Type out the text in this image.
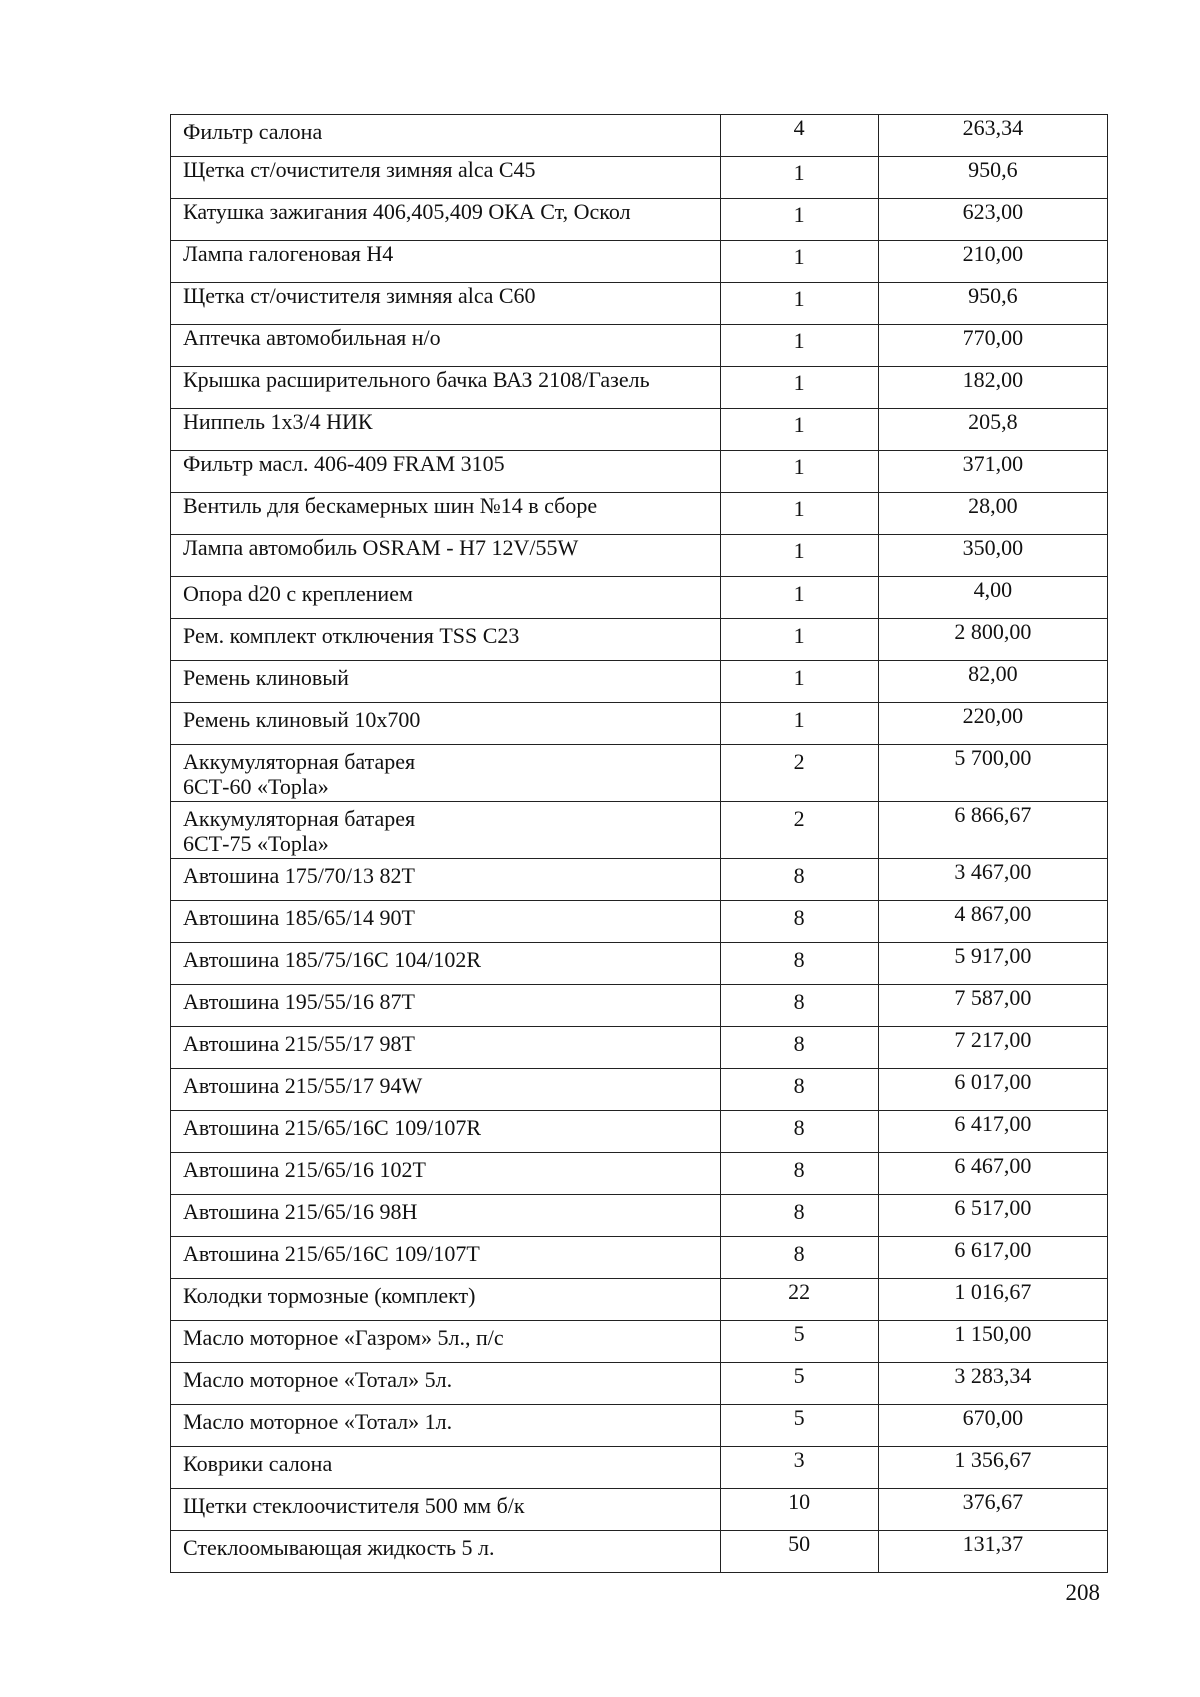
Фильтр салона	4	263,34

Щетка ст/очистителя зимняя alca C45	1	950,6

Катушка зажигания 406,405,409 ОКА Ст, Оскол	1	623,00

Лампа галогеновая Н4	1	210,00

Щетка ст/очистителя зимняя alca C60	1	950,6

Аптечка автомобильная н/о	1	770,00

Крышка расширительного бачка ВАЗ 2108/Газель	1	182,00

Ниппель 1х3/4 НИК	1	205,8

Фильтр масл. 406-409 FRAM 3105	1	371,00

Вентиль для бескамерных шин №14 в сборе	1	28,00

Лампа автомобиль OSRAM - Н7 12V/55W	1	350,00

Опора d20 с креплением	1	4,00

Рем. комплект отключения TSS C23	1	2 800,00

Ремень клиновый	1	82,00

Ремень клиновый 10х700	1	220,00

Аккумуляторная батарея
6СТ-60 «Topla»	2	5 700,00

Аккумуляторная батарея
6СТ-75 «Topla»	2	6 866,67

Автошина 175/70/13 82T	8	3 467,00

Автошина 185/65/14 90T	8	4 867,00

Автошина 185/75/16С 104/102R	8	5 917,00

Автошина 195/55/16 87T	8	7 587,00

Автошина 215/55/17 98T	8	7 217,00

Автошина 215/55/17 94W	8	6 017,00

Автошина 215/65/16С 109/107R	8	6 417,00

Автошина 215/65/16 102T	8	6 467,00

Автошина 215/65/16 98H	8	6 517,00

Автошина 215/65/16С 109/107T	8	6 617,00

Колодки тормозные (комплект)	22	1 016,67

Масло моторное «Газром» 5л., п/с	5	1 150,00

Масло моторное «Тотал» 5л.	5	3 283,34

Масло моторное «Тотал» 1л.	5	670,00

Коврики салона	3	1 356,67

Щетки стеклоочистителя 500 мм б/к	10	376,67

Стеклоомывающая жидкость 5 л.	50	131,37
208
